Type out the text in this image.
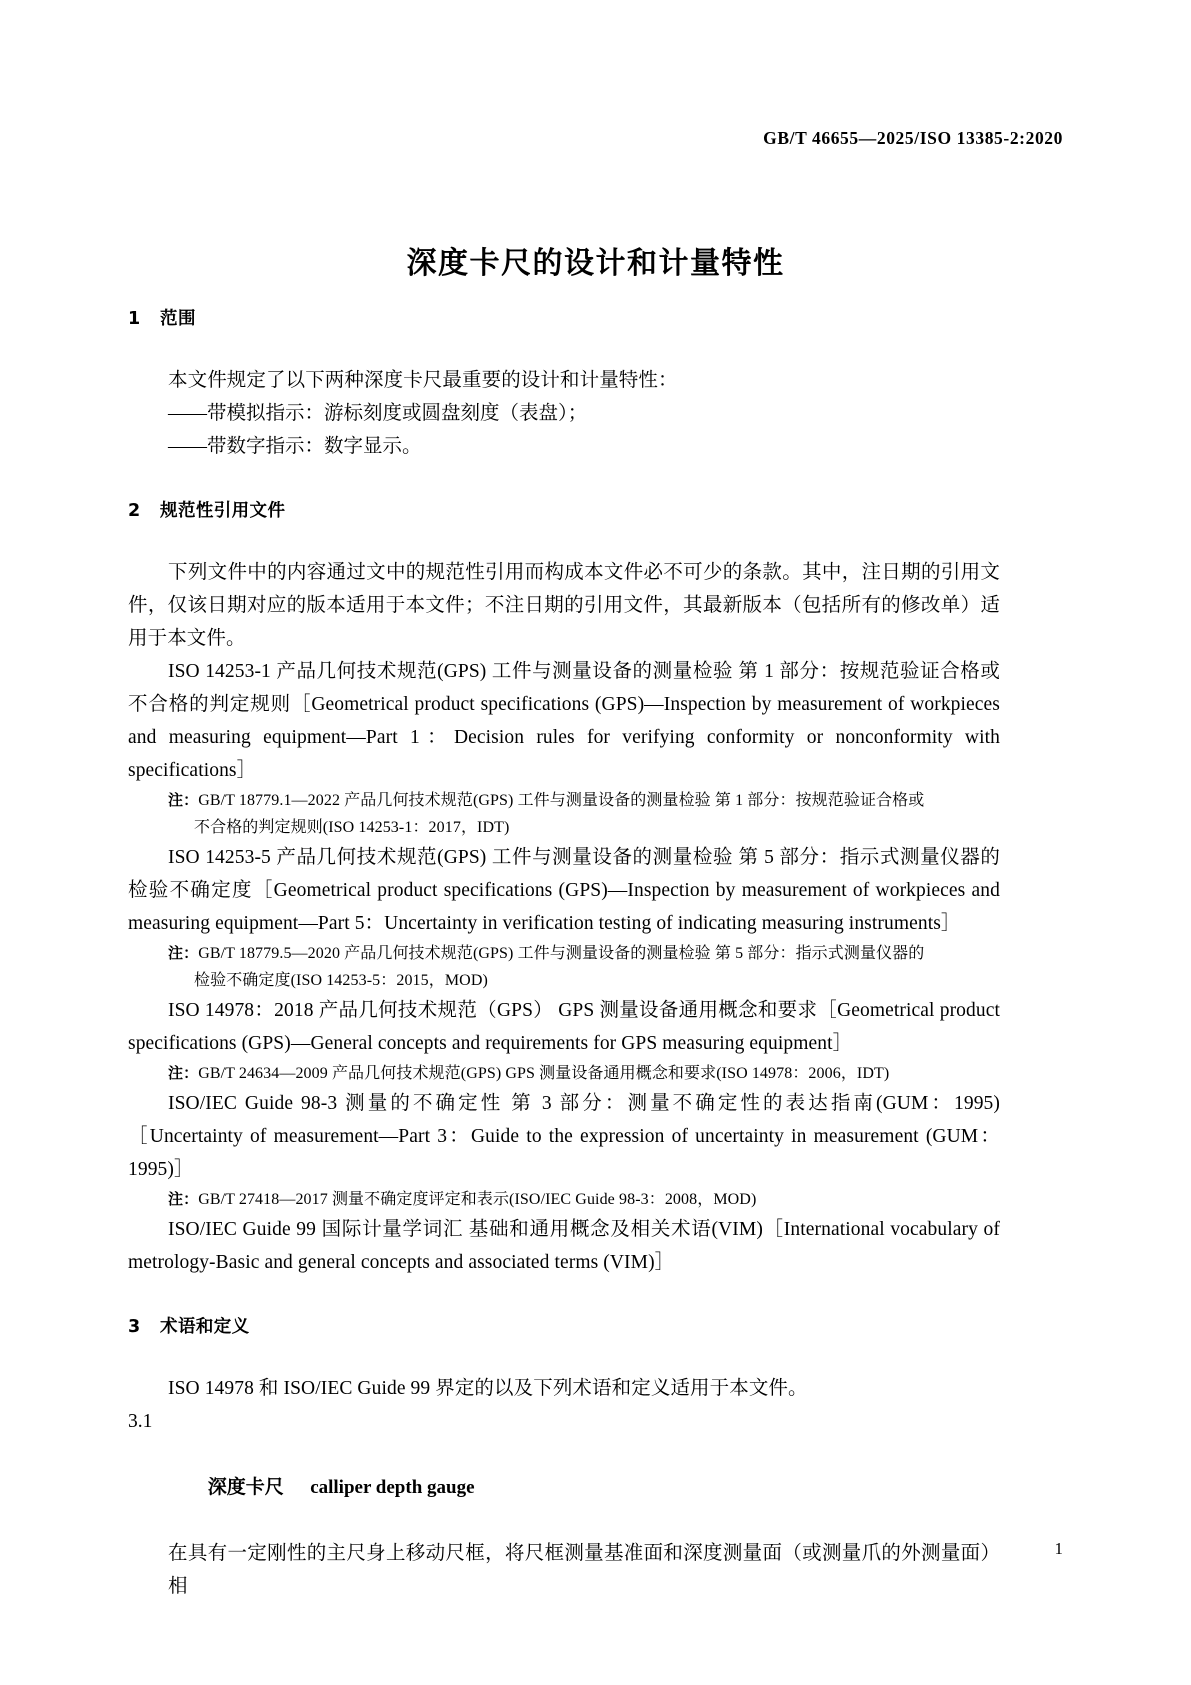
GB/T 46655—2025/ISO 13385-2:2020
深度卡尺的设计和计量特性
1   范围

本文件规定了以下两种深度卡尺最重要的设计和计量特性：

——带模拟指示：游标刻度或圆盘刻度（表盘）；

——带数字指示：数字显示。

2   规范性引用文件

下列文件中的内容通过文中的规范性引用而构成本文件必不可少的条款。其中，注日期的引用文件，仅该日期对应的版本适用于本文件；不注日期的引用文件，其最新版本（包括所有的修改单）适用于本文件。

ISO 14253-1 产品几何技术规范(GPS) 工件与测量设备的测量检验 第 1 部分：按规范验证合格或不合格的判定规则［Geometrical product specifications (GPS)—Inspection by measurement of workpieces and measuring equipment—Part 1：Decision rules for verifying conformity or nonconformity with specifications］

注：GB/T 18779.1—2022 产品几何技术规范(GPS) 工件与测量设备的测量检验 第 1 部分：按规范验证合格或

不合格的判定规则(ISO 14253-1：2017，IDT)

ISO 14253-5 产品几何技术规范(GPS) 工件与测量设备的测量检验 第 5 部分：指示式测量仪器的检验不确定度［Geometrical product specifications (GPS)—Inspection by measurement of workpieces and measuring equipment—Part 5：Uncertainty in verification testing of indicating measuring instruments］

注：GB/T 18779.5—2020 产品几何技术规范(GPS) 工件与测量设备的测量检验 第 5 部分：指示式测量仪器的

检验不确定度(ISO 14253-5：2015，MOD)

ISO 14978：2018 产品几何技术规范（GPS） GPS 测量设备通用概念和要求［Geometrical product specifications (GPS)—General concepts and requirements for GPS measuring equipment］

注：GB/T 24634—2009 产品几何技术规范(GPS) GPS 测量设备通用概念和要求(ISO 14978：2006，IDT)

ISO/IEC Guide 98-3 测量的不确定性 第 3 部分：测量不确定性的表达指南(GUM：1995)［Uncertainty of measurement—Part 3：Guide to the expression of uncertainty in measurement (GUM：1995)］

注：GB/T 27418—2017 测量不确定度评定和表示(ISO/IEC Guide 98-3：2008，MOD)

ISO/IEC Guide 99 国际计量学词汇 基础和通用概念及相关术语(VIM)［International vocabulary of metrology-Basic and general concepts and associated terms (VIM)］

3   术语和定义

ISO 14978 和 ISO/IEC Guide 99 界定的以及下列术语和定义适用于本文件。

3.1

深度卡尺 calliper depth gauge

在具有一定刚性的主尺身上移动尺框，将尺框测量基准面和深度测量面（或测量爪的外测量面）相

1
